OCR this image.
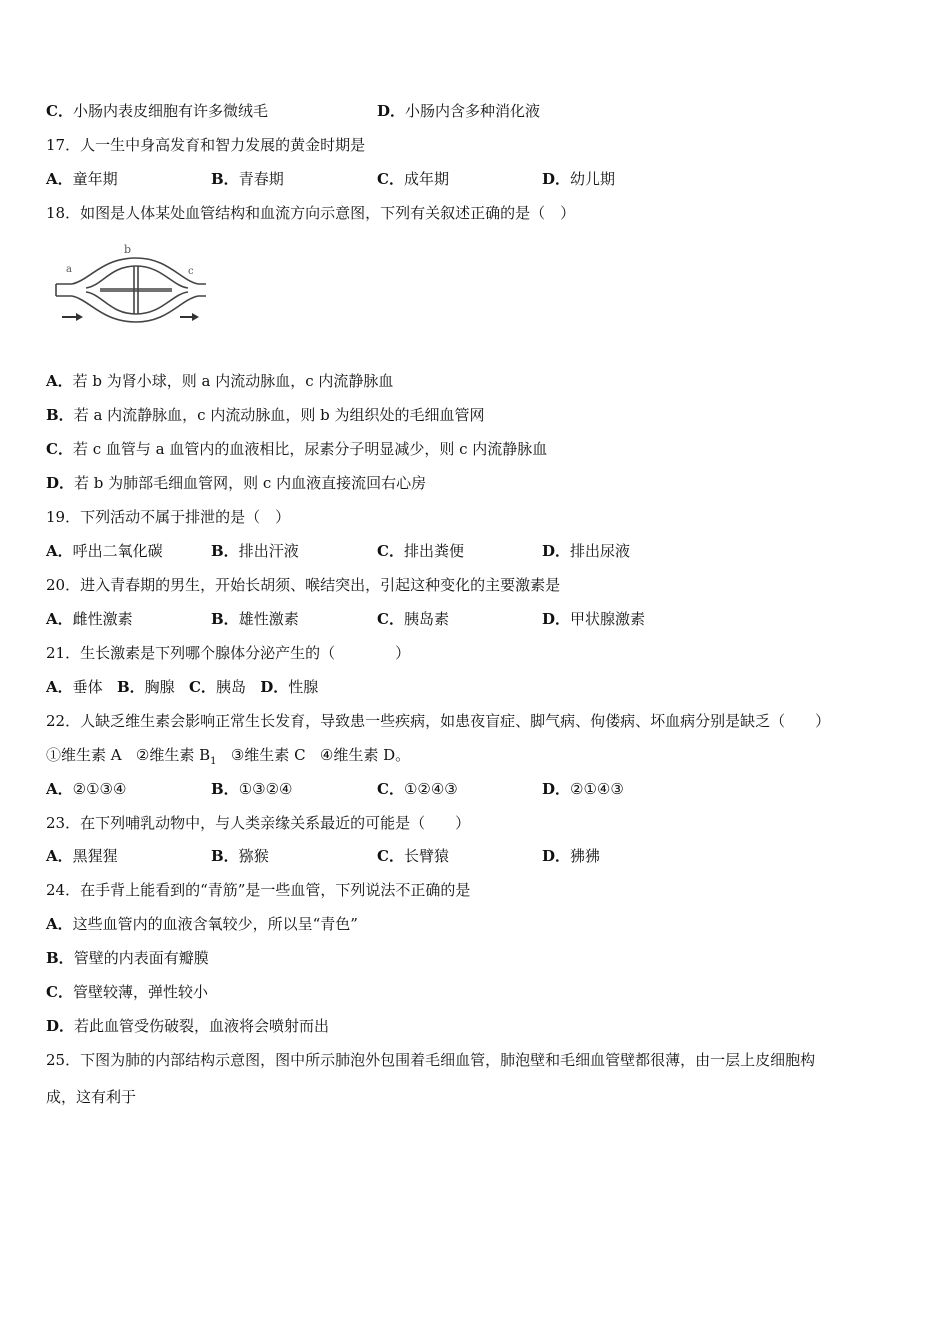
C．小肠内表皮细胞有许多微绒毛	D．小肠内含多种消化液
17．人一生中身高发育和智力发展的黄金时期是
A．童年期	B．青春期	C．成年期	D．幼儿期
18．如图是人体某处血管结构和血流方向示意图，下列有关叙述正确的是（　）
a
b
c
A．若 b 为肾小球，则 a 内流动脉血，c 内流静脉血
B．若 a 内流静脉血，c 内流动脉血，则 b 为组织处的毛细血管网
C．若 c 血管与 a 血管内的血液相比，尿素分子明显减少，则 c 内流静脉血
D．若 b 为肺部毛细血管网，则 c 内血液直接流回右心房
19．下列活动不属于排泄的是（　）
A．呼出二氧化碳	B．排出汗液	C．排出粪便	D．排出尿液
20．进入青春期的男生，开始长胡须、喉结突出，引起这种变化的主要激素是
A．雌性激素	B．雄性激素	C．胰岛素	D．甲状腺激素
21．生长激素是下列哪个腺体分泌产生的（　　　　）
A．垂体 B．胸腺 C．胰岛 D．性腺
22．人缺乏维生素会影响正常生长发育，导致患一些疾病，如患夜盲症、脚气病、佝偻病、坏血病分别是缺乏（　　）
①维生素 A ②维生素 $B_1$ ③维生素 C ④维生素 D。
A．②①③④	B．①③②④	C．①②④③	D．②①④③
23．在下列哺乳动物中，与人类亲缘关系最近的可能是（　　）
A．黑猩猩	B．猕猴	C．长臂猿	D．狒狒
24．在手背上能看到的“青筋”是一些血管，下列说法不正确的是
A．这些血管内的血液含氧较少，所以呈“青色”
B．管壁的内表面有瓣膜
C．管壁较薄，弹性较小
D．若此血管受伤破裂，血液将会喷射而出
25．下图为肺的内部结构示意图，图中所示肺泡外包围着毛细血管，肺泡壁和毛细血管壁都很薄，由一层上皮细胞构
成，这有利于
